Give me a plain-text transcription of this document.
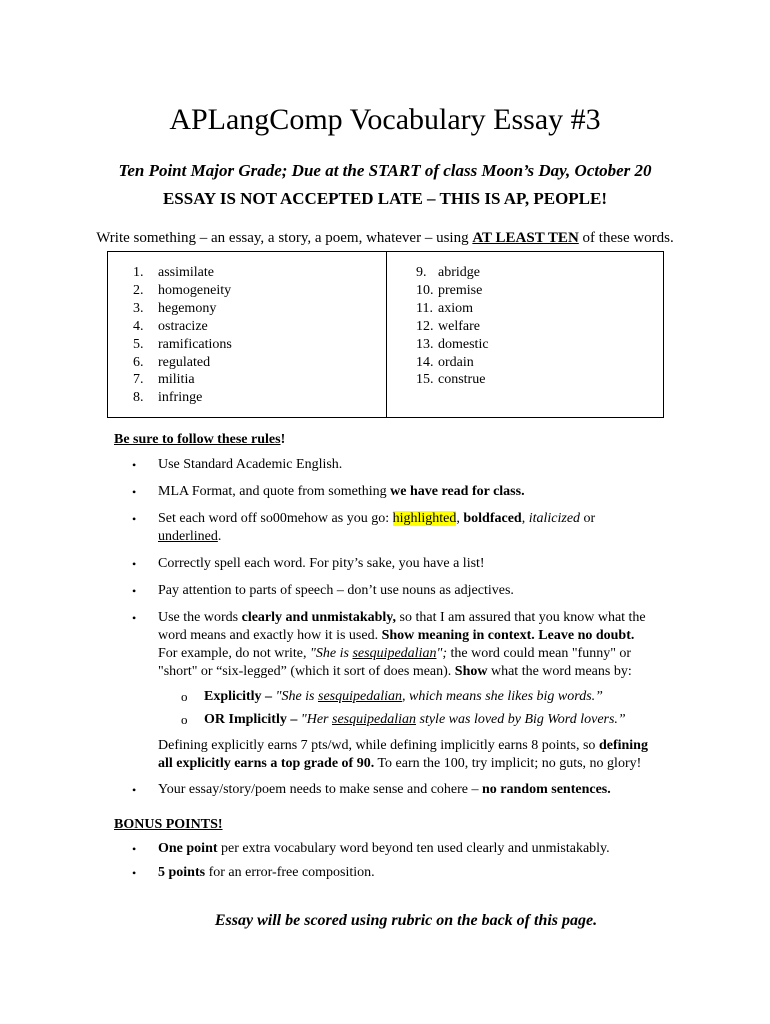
APLangComp Vocabulary Essay #3
Ten Point Major Grade; Due at the START of class Moon’s Day, October 20
ESSAY IS NOT ACCEPTED LATE – THIS IS AP, PEOPLE!
Write something – an essay, a story, a poem, whatever – using AT LEAST TEN of these words.
1. assimilate
2. homogeneity
3. hegemony
4. ostracize
5. ramifications
6. regulated
7. militia
8. infringe
9. abridge
10. premise
11. axiom
12. welfare
13. domestic
14. ordain
15. construe
Be sure to follow these rules!
• Use Standard Academic English.
• MLA Format, and quote from something we have read for class.
• Set each word off so00mehow as you go: highlighted, boldfaced, italicized or
underlined.
• Correctly spell each word. For pity’s sake, you have a list!
• Pay attention to parts of speech – don’t use nouns as adjectives.
• Use the words clearly and unmistakably, so that I am assured that you know what the
word means and exactly how it is used. Show meaning in context. Leave no doubt.
For example, do not write, "She is sesquipedalian"; the word could mean "funny" or
"short" or “six-legged” (which it sort of does mean). Show what the word means by:
o Explicitly – "She is sesquipedalian, which means she likes big words.”
o OR Implicitly – "Her sesquipedalian style was loved by Big Word lovers.”
Defining explicitly earns 7 pts/wd, while defining implicitly earns 8 points, so defining
all explicitly earns a top grade of 90. To earn the 100, try implicit; no guts, no glory!
• Your essay/story/poem needs to make sense and cohere – no random sentences.
BONUS POINTS!
• One point per extra vocabulary word beyond ten used clearly and unmistakably.
• 5 points for an error-free composition.
Essay will be scored using rubric on the back of this page.
